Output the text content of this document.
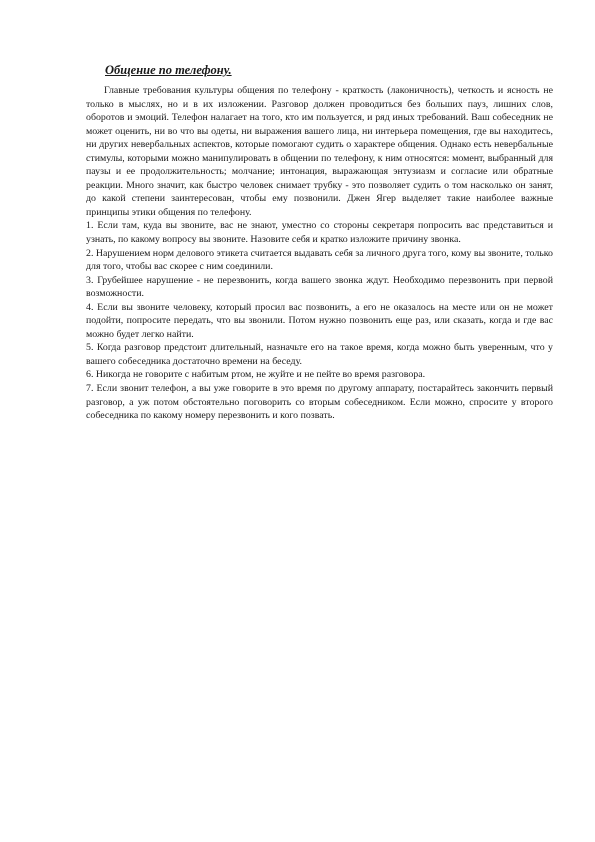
Общение по телефону.

Главные требования культуры общения по телефону - краткость (лаконичность), четкость и ясность не только в мыслях, но и в их изложении. Разговор должен проводиться без больших пауз, лишних слов, оборотов и эмоций. Телефон налагает на того, кто им пользуется, и ряд иных требований. Ваш собеседник не может оценить, ни во что вы одеты, ни выражения вашего лица, ни интерьера помещения, где вы находитесь, ни других невербальных аспектов, которые помогают судить о характере общения. Однако есть невербальные стимулы, которыми можно манипулировать в общении по телефону, к ним относятся: момент, выбранный для паузы и ее продолжительность; молчание; интонация, выражающая энтузиазм и согласие или обратные реакции. Много значит, как быстро человек снимает трубку - это позволяет судить о том насколько он занят, до какой степени заинтересован, чтобы ему позвонили. Джен Ягер выделяет такие наиболее важные принципы этики общения по телефону.

1. Если там, куда вы звоните, вас не знают, уместно со стороны секретаря попросить вас представиться и узнать, по какому вопросу вы звоните. Назовите себя и кратко изложите причину звонка.

2. Нарушением норм делового этикета считается выдавать себя за личного друга того, кому вы звоните, только для того, чтобы вас скорее с ним соединили.

3. Грубейшее нарушение - не перезвонить, когда вашего звонка ждут. Необходимо перезвонить при первой возможности.

4. Если вы звоните человеку, который просил вас позвонить, а его не оказалось на месте или он не может подойти, попросите передать, что вы звонили. Потом нужно позвонить еще раз, или сказать, когда и где вас можно будет легко найти.

5. Когда разговор предстоит длительный, назначьте его на такое время, когда можно быть уверенным, что у вашего собеседника достаточно времени на беседу.

6. Никогда не говорите с набитым ртом, не жуйте и не пейте во время разговора.

7. Если звонит телефон, а вы уже говорите в это время по другому аппарату, постарайтесь закончить первый разговор, а уж потом обстоятельно поговорить со вторым собеседником. Если можно, спросите у второго собеседника по какому номеру перезвонить и кого позвать.
